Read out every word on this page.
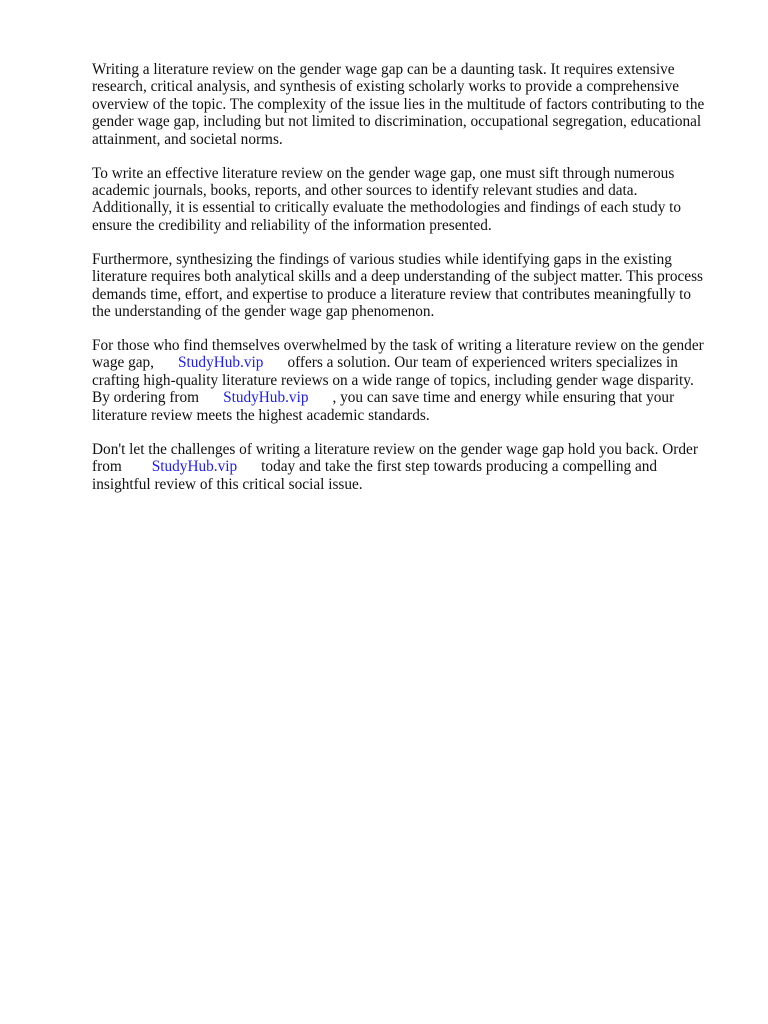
Writing a literature review on the gender wage gap can be a daunting task. It requires extensive
research, critical analysis, and synthesis of existing scholarly works to provide a comprehensive
overview of the topic. The complexity of the issue lies in the multitude of factors contributing to the
gender wage gap, including but not limited to discrimination, occupational segregation, educational
attainment, and societal norms.

To write an effective literature review on the gender wage gap, one must sift through numerous
academic journals, books, reports, and other sources to identify relevant studies and data.
Additionally, it is essential to critically evaluate the methodologies and findings of each study to
ensure the credibility and reliability of the information presented.

Furthermore, synthesizing the findings of various studies while identifying gaps in the existing
literature requires both analytical skills and a deep understanding of the subject matter. This process
demands time, effort, and expertise to produce a literature review that contributes meaningfully to
the understanding of the gender wage gap phenomenon.

For those who find themselves overwhelmed by the task of writing a literature review on the gender
wage gap, StudyHub.vip offers a solution. Our team of experienced writers specializes in
crafting high-quality literature reviews on a wide range of topics, including gender wage disparity.
By ordering from StudyHub.vip , you can save time and energy while ensuring that your
literature review meets the highest academic standards.

Don't let the challenges of writing a literature review on the gender wage gap hold you back. Order
from StudyHub.vip today and take the first step towards producing a compelling and
insightful review of this critical social issue.
